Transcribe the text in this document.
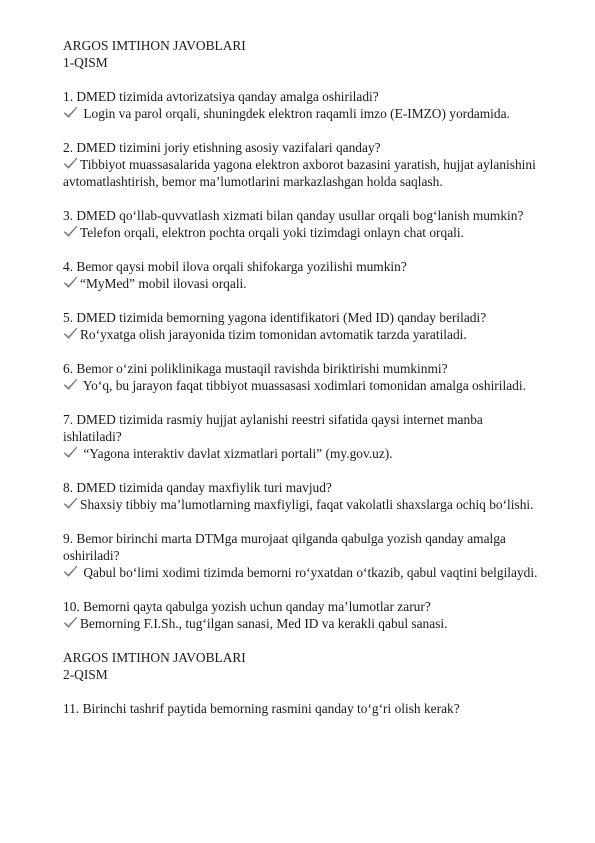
ARGOS IMTIHON JAVOBLARI

1-QISM

1. DMED tizimida avtorizatsiya qanday amalga oshiriladi?

Login va parol orqali, shuningdek elektron raqamli imzo (E-IMZO) yordamida.

2. DMED tizimini joriy etishning asosiy vazifalari qanday?

Tibbiyot muassasalarida yagona elektron axborot bazasini yaratish, hujjat aylanishini avtomatlashtirish, bemor ma’lumotlarini markazlashgan holda saqlash.

3. DMED qo‘llab-quvvatlash xizmati bilan qanday usullar orqali bog‘lanish mumkin?

Telefon orqali, elektron pochta orqali yoki tizimdagi onlayn chat orqali.

4. Bemor qaysi mobil ilova orqali shifokarga yozilishi mumkin?

“MyMed” mobil ilovasi orqali.

5. DMED tizimida bemorning yagona identifikatori (Med ID) qanday beriladi?

Ro‘yxatga olish jarayonida tizim tomonidan avtomatik tarzda yaratiladi.

6. Bemor o‘zini poliklinikaga mustaqil ravishda biriktirishi mumkinmi?

Yo‘q, bu jarayon faqat tibbiyot muassasasi xodimlari tomonidan amalga oshiriladi.

7. DMED tizimida rasmiy hujjat aylanishi reestri sifatida qaysi internet manba ishlatiladi?

“Yagona interaktiv davlat xizmatlari portali” (my.gov.uz).

8. DMED tizimida qanday maxfiylik turi mavjud?

Shaxsiy tibbiy ma’lumotlarning maxfiyligi, faqat vakolatli shaxslarga ochiq bo‘lishi.

9. Bemor birinchi marta DTMga murojaat qilganda qabulga yozish qanday amalga oshiriladi?

Qabul bo‘limi xodimi tizimda bemorni ro‘yxatdan o‘tkazib, qabul vaqtini belgilaydi.

10. Bemorni qayta qabulga yozish uchun qanday ma’lumotlar zarur?

Bemorning F.I.Sh., tug‘ilgan sanasi, Med ID va kerakli qabul sanasi.

ARGOS IMTIHON JAVOBLARI

2-QISM

11. Birinchi tashrif paytida bemorning rasmini qanday to‘g‘ri olish kerak?
